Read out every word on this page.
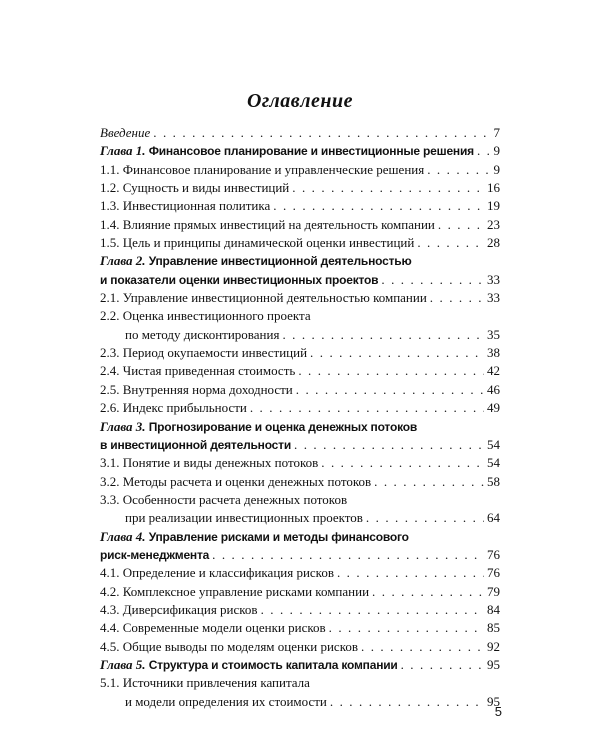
Оглавление
Введение . . .	7
Глава 1. Финансовое планирование и инвестиционные решения . . . 9
1.1. Финансовое планирование и управленческие решения . . .	9
1.2. Сущность и виды инвестиций . . .	16
1.3. Инвестиционная политика . . .	19
1.4. Влияние прямых инвестиций на деятельность компании . . .	23
1.5. Цель и принципы динамической оценки инвестиций . . .	28
Глава 2. Управление инвестиционной деятельностью
и показатели оценки инвестиционных проектов . . .	33
2.1. Управление инвестиционной деятельностью компании . . .	33
2.2. Оценка инвестиционного проекта
по методу дисконтирования . . .	35
2.3. Период окупаемости инвестиций . . .	38
2.4. Чистая приведенная стоимость . . .	42
2.5. Внутренняя норма доходности . . .	46
2.6. Индекс прибыльности . . .	49
Глава 3. Прогнозирование и оценка денежных потоков
в инвестиционной деятельности . . .	54
3.1. Понятие и виды денежных потоков . . .	54
3.2. Методы расчета и оценки денежных потоков . . .	58
3.3. Особенности расчета денежных потоков
при реализации инвестиционных проектов . . .	64
Глава 4. Управление рисками и методы финансового
риск-менеджмента . . .	76
4.1. Определение и классификация рисков . . .	76
4.2. Комплексное управление рисками компании . . .	79
4.3. Диверсификация рисков . . .	84
4.4. Современные модели оценки рисков . . .	85
4.5. Общие выводы по моделям оценки рисков . . .	92
Глава 5. Структура и стоимость капитала компании . . .	95
5.1. Источники привлечения капитала
и модели определения их стоимости . . .	95
5
